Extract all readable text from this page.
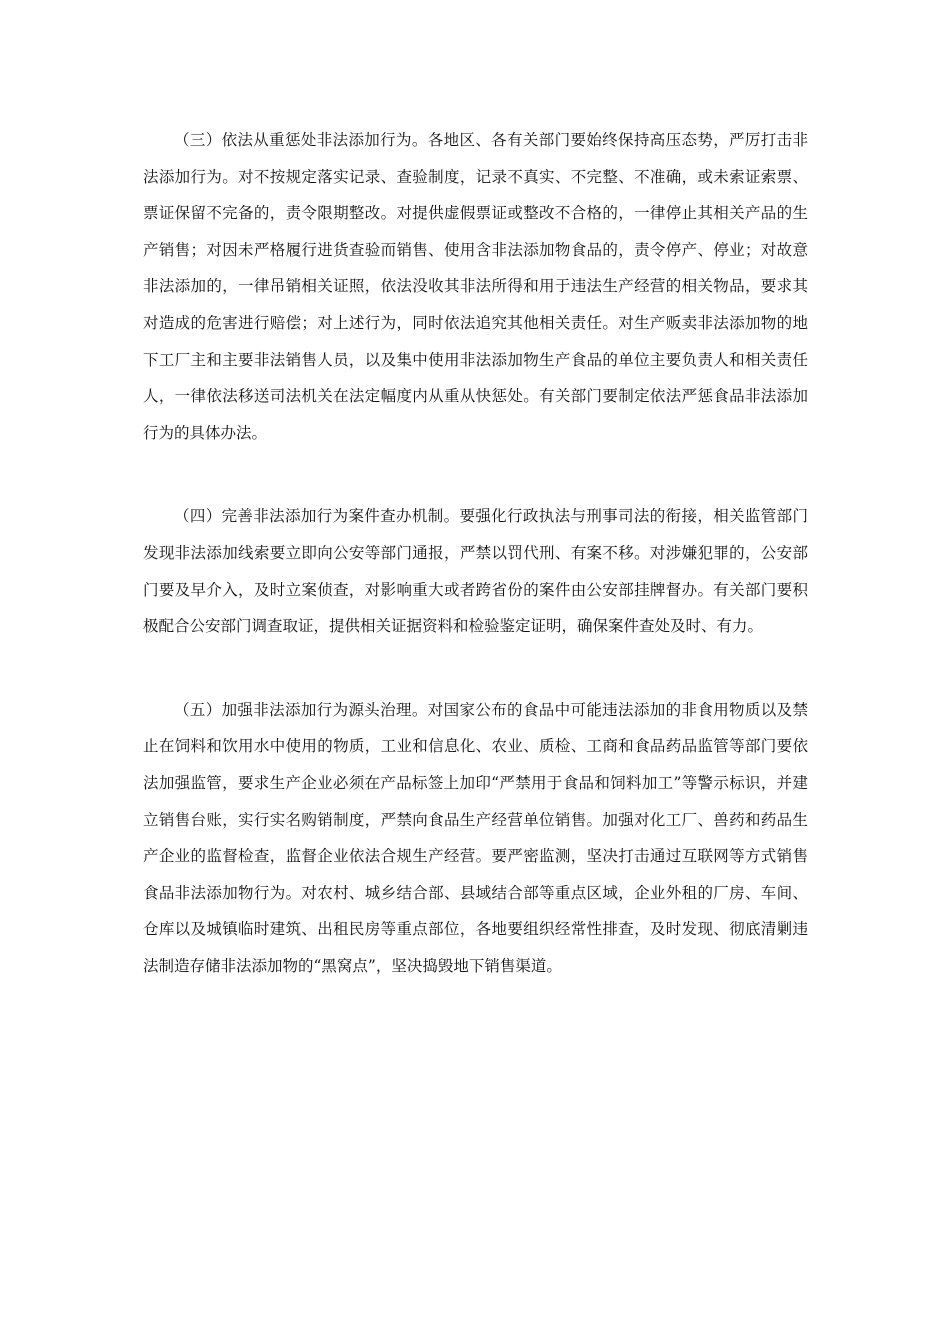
（三）依法从重惩处非法添加行为。各地区、各有关部门要始终保持高压态势，严厉打击非法添加行为。对不按规定落实记录、查验制度，记录不真实、不完整、不准确，或未索证索票、票证保留不完备的，责令限期整改。对提供虚假票证或整改不合格的，一律停止其相关产品的生产销售；对因未严格履行进货查验而销售、使用含非法添加物食品的，责令停产、停业；对故意非法添加的，一律吊销相关证照，依法没收其非法所得和用于违法生产经营的相关物品，要求其对造成的危害进行赔偿；对上述行为，同时依法追究其他相关责任。对生产贩卖非法添加物的地下工厂主和主要非法销售人员，以及集中使用非法添加物生产食品的单位主要负责人和相关责任人，一律依法移送司法机关在法定幅度内从重从快惩处。有关部门要制定依法严惩食品非法添加行为的具体办法。

（四）完善非法添加行为案件查办机制。要强化行政执法与刑事司法的衔接，相关监管部门发现非法添加线索要立即向公安等部门通报，严禁以罚代刑、有案不移。对涉嫌犯罪的，公安部门要及早介入，及时立案侦查，对影响重大或者跨省份的案件由公安部挂牌督办。有关部门要积极配合公安部门调查取证，提供相关证据资料和检验鉴定证明，确保案件查处及时、有力。

（五）加强非法添加行为源头治理。对国家公布的食品中可能违法添加的非食用物质以及禁止在饲料和饮用水中使用的物质，工业和信息化、农业、质检、工商和食品药品监管等部门要依法加强监管，要求生产企业必须在产品标签上加印“严禁用于食品和饲料加工”等警示标识，并建立销售台账，实行实名购销制度，严禁向食品生产经营单位销售。加强对化工厂、兽药和药品生产企业的监督检查，监督企业依法合规生产经营。要严密监测，坚决打击通过互联网等方式销售食品非法添加物行为。对农村、城乡结合部、县域结合部等重点区域，企业外租的厂房、车间、仓库以及城镇临时建筑、出租民房等重点部位，各地要组织经常性排查，及时发现、彻底清剿违法制造存储非法添加物的“黑窝点”，坚决捣毁地下销售渠道。
